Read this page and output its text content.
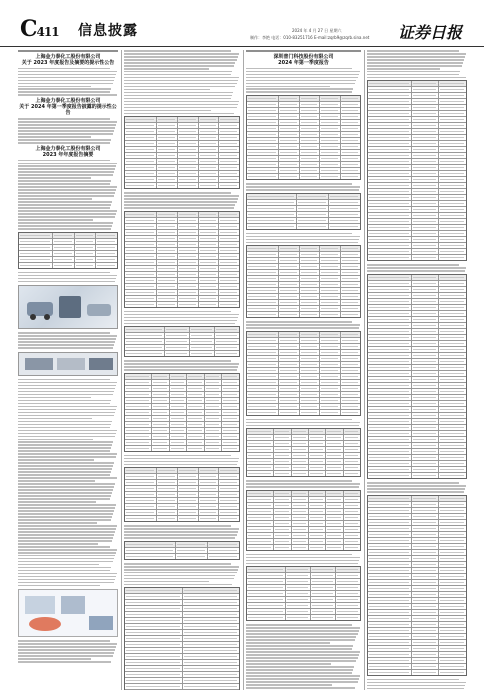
C411 信息披露	2024 年 4 月 27 日 星期六
制作：李艳 电话：010-83251716 E-mail:zqrb9@zqrb.sina.net 证券日报
上海金力泰化工股份有限公司
关于 2023 年度报告及摘要的提示性公告
上海金力泰化工股份有限公司
关于 2024 年第一季度报告披露的提示性公告
上海金力泰化工股份有限公司
2023 年年度报告摘要
深圳普门科技股份有限公司
2024 年第一季度报告
